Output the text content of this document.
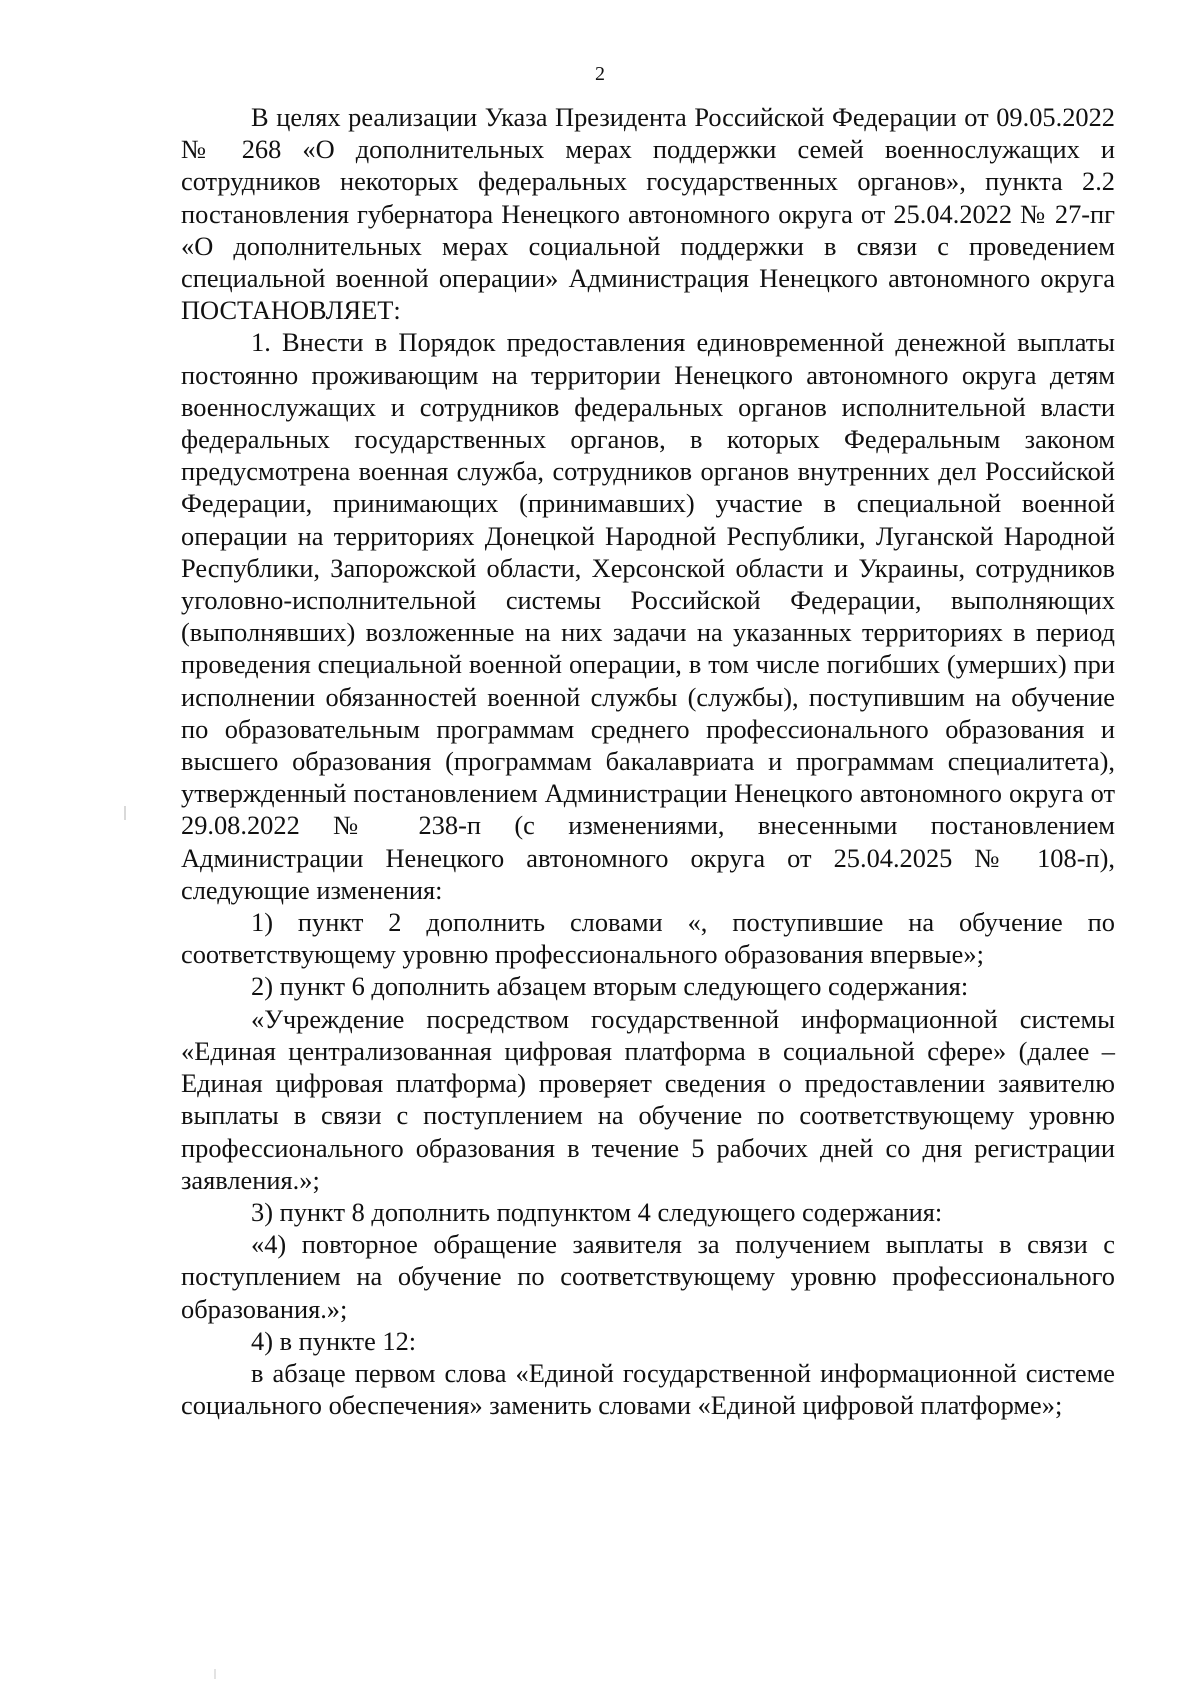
2

В целях реализации Указа Президента Российской Федерации от 09.05.2022 № 268 «О дополнительных мерах поддержки семей военнослужащих и сотрудников некоторых федеральных государственных органов», пункта 2.2 постановления губернатора Ненецкого автономного округа от 25.04.2022 № 27-пг «О дополнительных мерах социальной поддержки в связи с проведением специальной военной операции» Администрация Ненецкого автономного округа ПОСТАНОВЛЯЕТ:

1. Внести в Порядок предоставления единовременной денежной выплаты постоянно проживающим на территории Ненецкого автономного округа детям военнослужащих и сотрудников федеральных органов исполнительной власти федеральных государственных органов, в которых Федеральным законом предусмотрена военная служба, сотрудников органов внутренних дел Российской Федерации, принимающих (принимавших) участие в специальной военной операции на территориях Донецкой Народной Республики, Луганской Народной Республики, Запорожской области, Херсонской области и Украины, сотрудников уголовно-исполнительной системы Российской Федерации, выполняющих (выполнявших) возложенные на них задачи на указанных территориях в период проведения специальной военной операции, в том числе погибших (умерших) при исполнении обязанностей военной службы (службы), поступившим на обучение по образовательным программам среднего профессионального образования и высшего образования (программам бакалавриата и программам специалитета), утвержденный постановлением Администрации Ненецкого автономного округа от 29.08.2022 № 238-п (с изменениями, внесенными постановлением Администрации Ненецкого автономного округа от 25.04.2025 № 108-п), следующие изменения:

1) пункт 2 дополнить словами «, поступившие на обучение по соответствующему уровню профессионального образования впервые»;

2) пункт 6 дополнить абзацем вторым следующего содержания:

«Учреждение посредством государственной информационной системы «Единая централизованная цифровая платформа в социальной сфере» (далее – Единая цифровая платформа) проверяет сведения о предоставлении заявителю выплаты в связи с поступлением на обучение по соответствующему уровню профессионального образования в течение 5 рабочих дней со дня регистрации заявления.»;

3) пункт 8 дополнить подпунктом 4 следующего содержания:

«4) повторное обращение заявителя за получением выплаты в связи с поступлением на обучение по соответствующему уровню профессионального образования.»;

4) в пункте 12:

в абзаце первом слова «Единой государственной информационной системе социального обеспечения» заменить словами «Единой цифровой платформе»;
